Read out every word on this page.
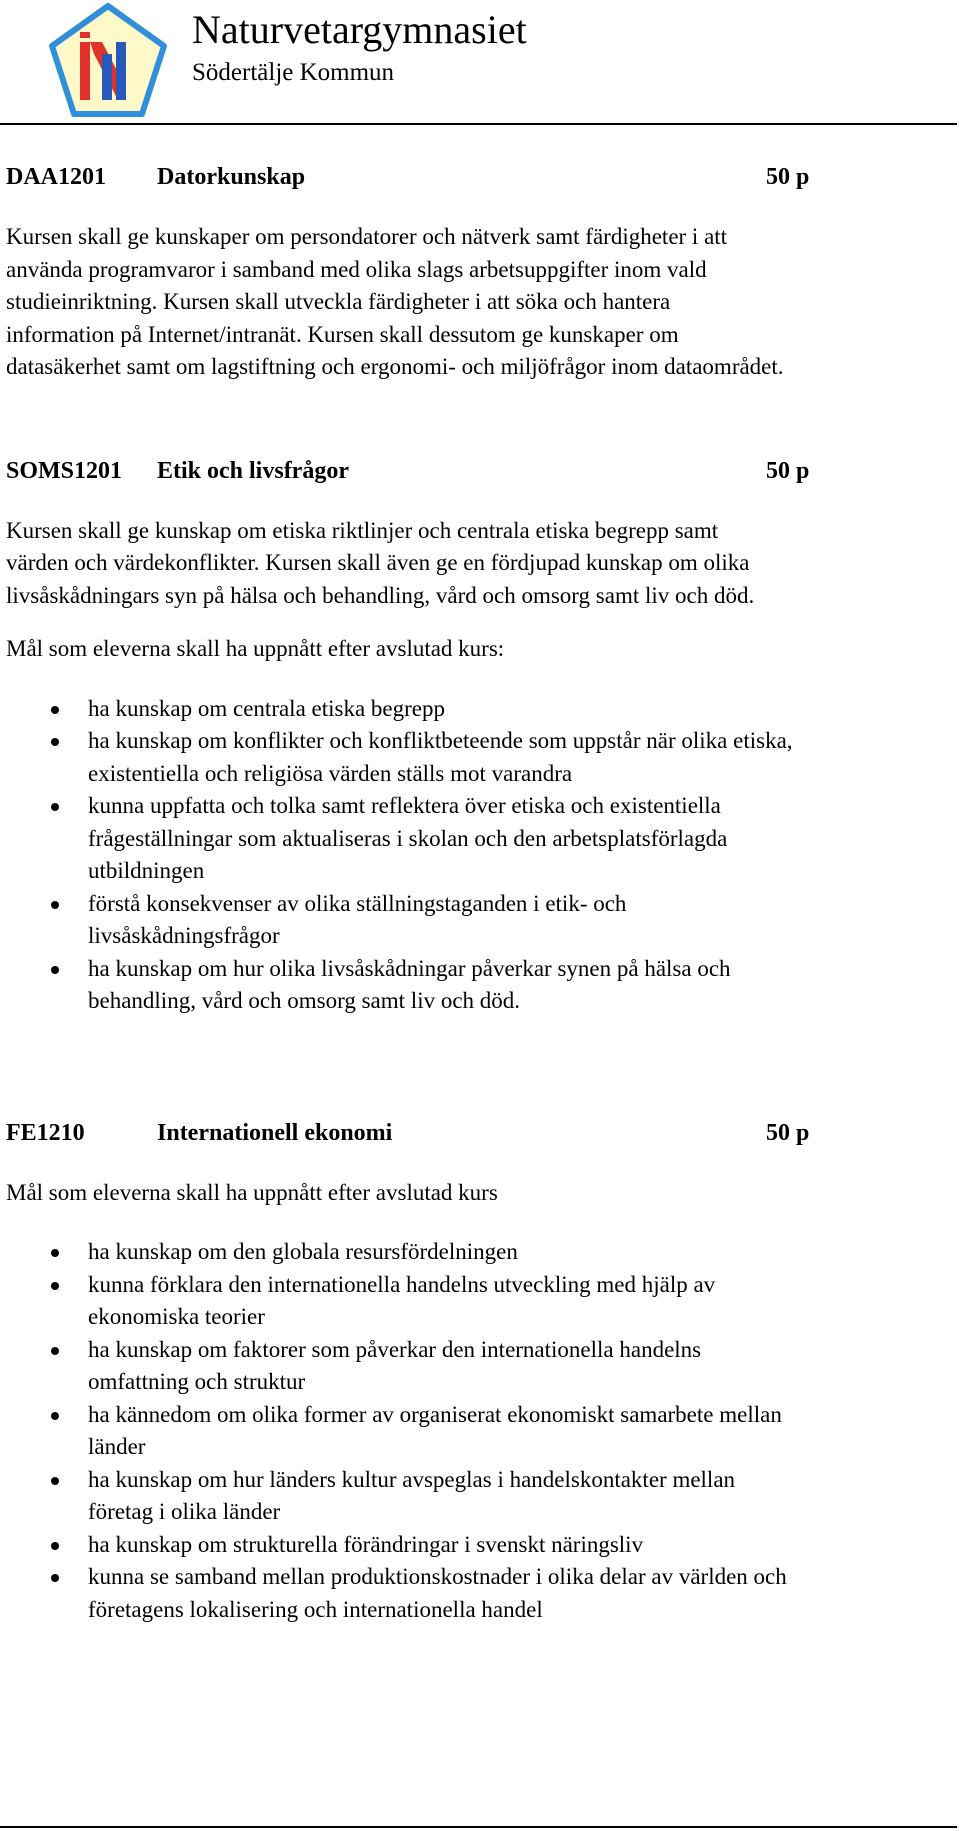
Naturvetargymnasiet
Södertälje Kommun
DAA1201 Datorkunskap	50 p

Kursen skall ge kunskaper om persondatorer och nätverk samt färdigheter i att
använda programvaror i samband med olika slags arbetsuppgifter inom vald
studieinriktning. Kursen skall utveckla färdigheter i att söka och hantera
information på Internet/intranät. Kursen skall dessutom ge kunskaper om
datasäkerhet samt om lagstiftning och ergonomi- och miljöfrågor inom dataområdet.

SOMS1201 Etik och livsfrågor	50 p

Kursen skall ge kunskap om etiska riktlinjer och centrala etiska begrepp samt
värden och värdekonflikter. Kursen skall även ge en fördjupad kunskap om olika
livsåskådningars syn på hälsa och behandling, vård och omsorg samt liv och död.

Mål som eleverna skall ha uppnått efter avslutad kurs:

ha kunskap om centrala etiska begrepp
ha kunskap om konflikter och konfliktbeteende som uppstår när olika etiska,
existentiella och religiösa värden ställs mot varandra
kunna uppfatta och tolka samt reflektera över etiska och existentiella
frågeställningar som aktualiseras i skolan och den arbetsplatsförlagda
utbildningen
förstå konsekvenser av olika ställningstaganden i etik- och
livsåskådningsfrågor
ha kunskap om hur olika livsåskådningar påverkar synen på hälsa och
behandling, vård och omsorg samt liv och död.
FE1210	Internationell ekonomi	50 p

Mål som eleverna skall ha uppnått efter avslutad kurs

ha kunskap om den globala resursfördelningen
kunna förklara den internationella handelns utveckling med hjälp av
ekonomiska teorier
ha kunskap om faktorer som påverkar den internationella handelns
omfattning och struktur
ha kännedom om olika former av organiserat ekonomiskt samarbete mellan
länder
ha kunskap om hur länders kultur avspeglas i handelskontakter mellan
företag i olika länder
ha kunskap om strukturella förändringar i svenskt näringsliv
kunna se samband mellan produktionskostnader i olika delar av världen och
företagens lokalisering och internationella handel
